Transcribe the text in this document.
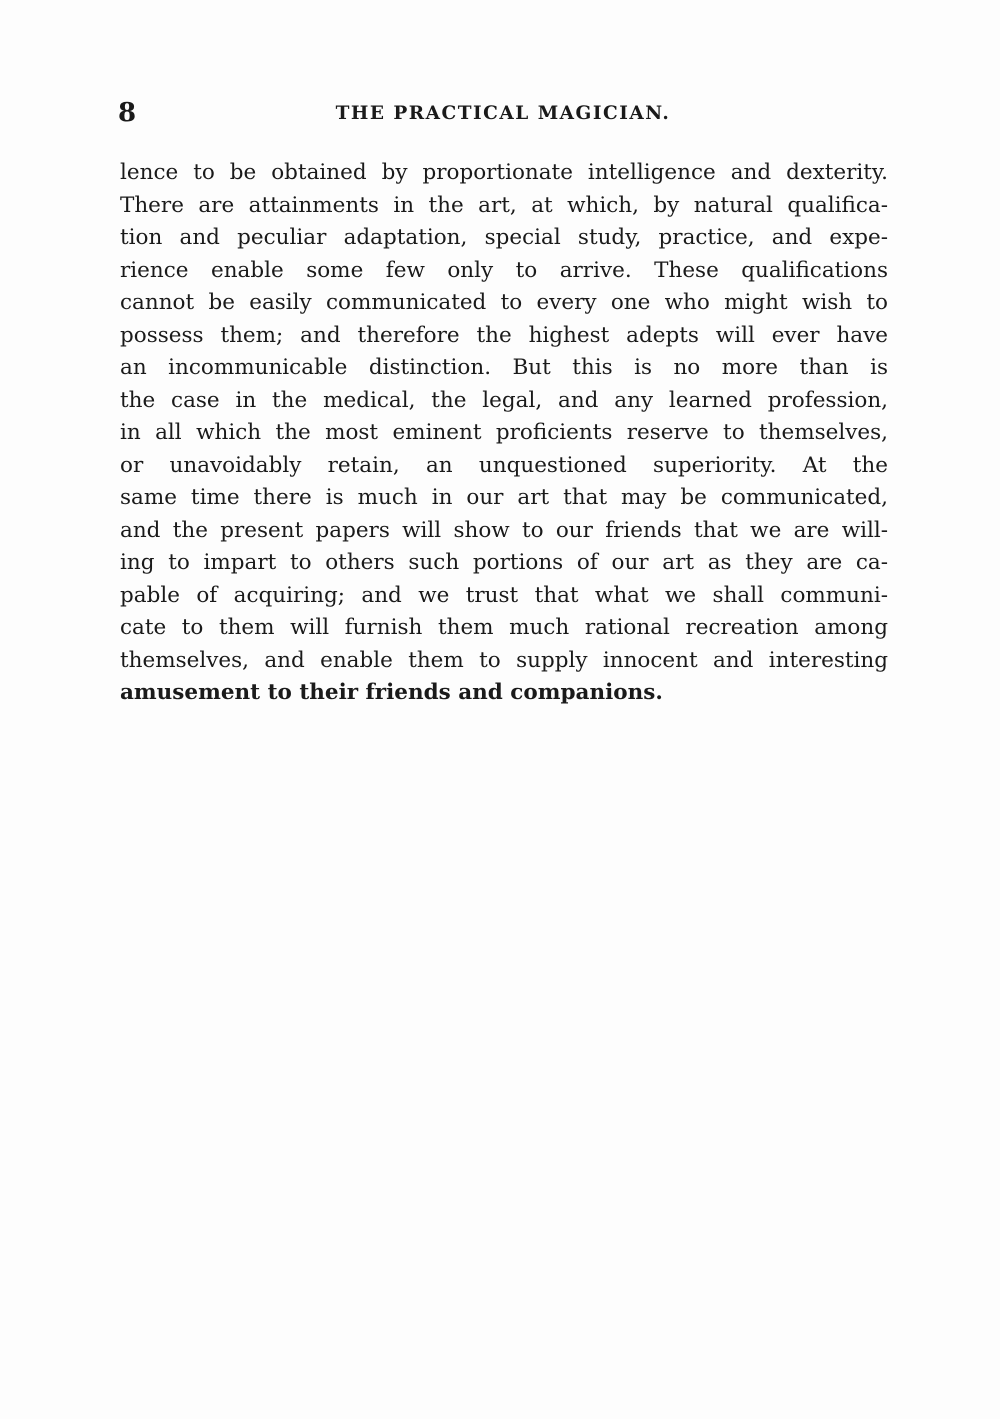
8	THE PRACTICAL MAGICIAN.
lence to be obtained by proportionate intelligence and dexterity.
There are attainments in the art, at which, by natural qualifica-
tion and peculiar adaptation, special study, practice, and expe-
rience enable some few only to arrive. These qualifications
cannot be easily communicated to every one who might wish to
possess them; and therefore the highest adepts will ever have
an incommunicable distinction. But this is no more than is
the case in the medical, the legal, and any learned profession,
in all which the most eminent proficients reserve to themselves,
or unavoidably retain, an unquestioned superiority. At the
same time there is much in our art that may be communicated,
and the present papers will show to our friends that we are will-
ing to impart to others such portions of our art as they are ca-
pable of acquiring; and we trust that what we shall communi-
cate to them will furnish them much rational recreation among
themselves, and enable them to supply innocent and interesting
amusement to their friends and companions.
